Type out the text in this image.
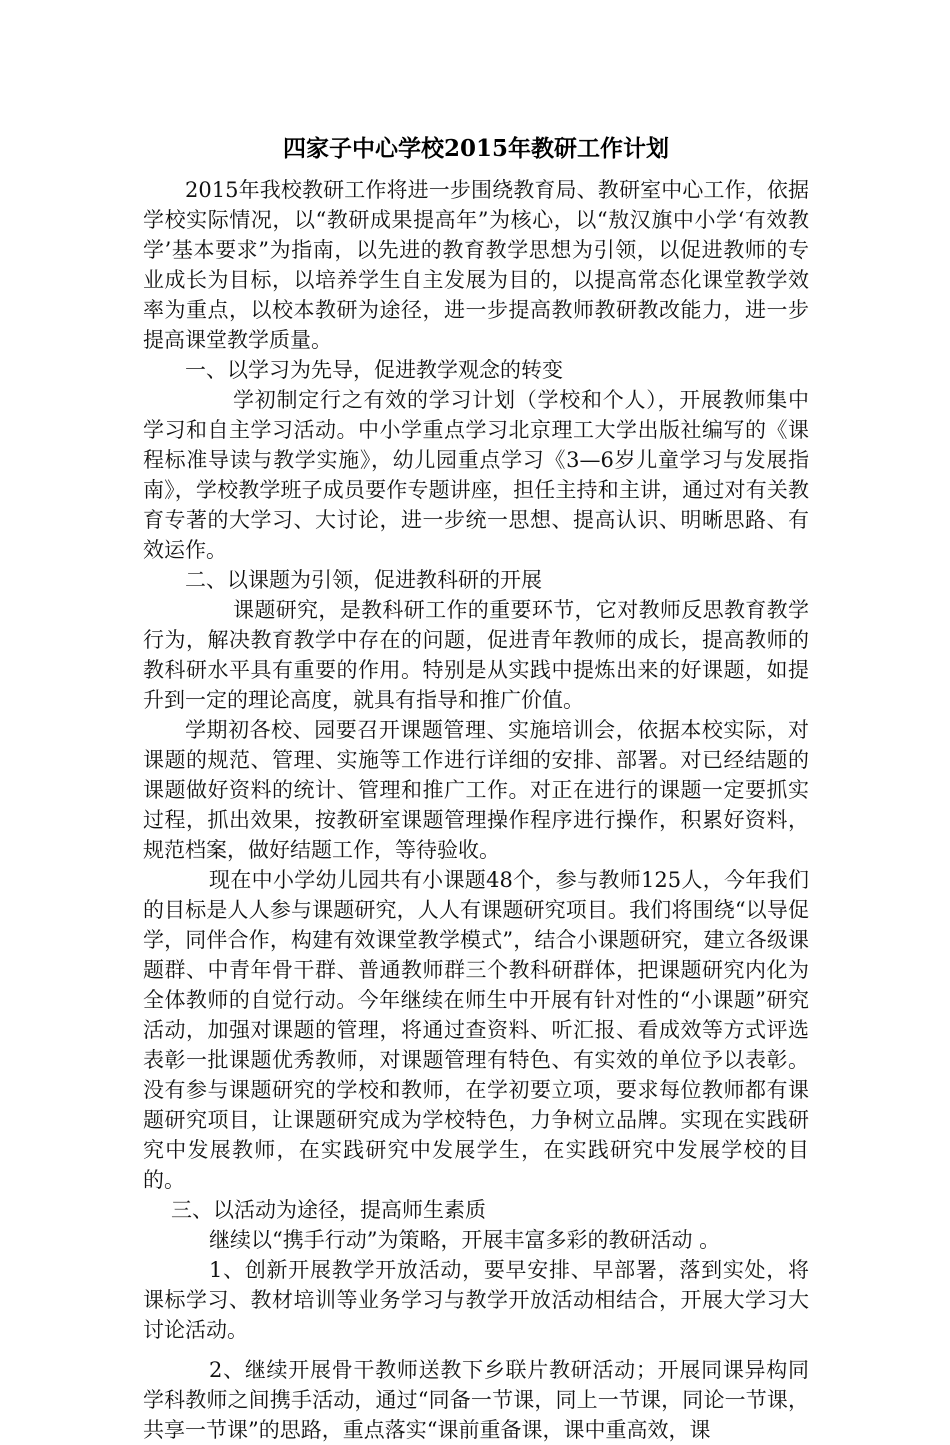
四家子中心学校2015年教研工作计划

2015年我校教研工作将进一步围绕教育局、教研室中心工作，依据学校实际情况，以“教研成果提高年”为核心，以“敖汉旗中小学‘有效教学’基本要求”为指南，以先进的教育教学思想为引领，以促进教师的专业成长为目标，以培养学生自主发展为目的，以提高常态化课堂教学效率为重点，以校本教研为途径，进一步提高教师教研教改能力，进一步提高课堂教学质量。

一、以学习为先导，促进教学观念的转变

学初制定行之有效的学习计划（学校和个人），开展教师集中学习和自主学习活动。中小学重点学习北京理工大学出版社编写的《课程标准导读与教学实施》，幼儿园重点学习《3—6岁儿童学习与发展指南》，学校教学班子成员要作专题讲座，担任主持和主讲，通过对有关教育专著的大学习、大讨论，进一步统一思想、提高认识、明晰思路、有效运作。

二、以课题为引领，促进教科研的开展

课题研究，是教科研工作的重要环节，它对教师反思教育教学行为，解决教育教学中存在的问题，促进青年教师的成长，提高教师的教科研水平具有重要的作用。特别是从实践中提炼出来的好课题，如提升到一定的理论高度，就具有指导和推广价值。

学期初各校、园要召开课题管理、实施培训会，依据本校实际，对课题的规范、管理、实施等工作进行详细的安排、部署。对已经结题的课题做好资料的统计、管理和推广工作。对正在进行的课题一定要抓实过程，抓出效果，按教研室课题管理操作程序进行操作，积累好资料，规范档案，做好结题工作，等待验收。

现在中小学幼儿园共有小课题48个，参与教师125人，今年我们的目标是人人参与课题研究，人人有课题研究项目。我们将围绕“以导促学，同伴合作，构建有效课堂教学模式”，结合小课题研究，建立各级课题群、中青年骨干群、普通教师群三个教科研群体，把课题研究内化为全体教师的自觉行动。今年继续在师生中开展有针对性的“小课题”研究活动，加强对课题的管理，将通过查资料、听汇报、看成效等方式评选表彰一批课题优秀教师，对课题管理有特色、有实效的单位予以表彰。没有参与课题研究的学校和教师，在学初要立项，要求每位教师都有课题研究项目，让课题研究成为学校特色，力争树立品牌。实现在实践研究中发展教师，在实践研究中发展学生，在实践研究中发展学校的目的。

三、以活动为途径，提高师生素质

继续以“携手行动”为策略，开展丰富多彩的教研活动 。

1、创新开展教学开放活动，要早安排、早部署，落到实处，将课标学习、教材培训等业务学习与教学开放活动相结合，开展大学习大讨论活动。

2、继续开展骨干教师送教下乡联片教研活动；开展同课异构同学科教师之间携手活动，通过“同备一节课，同上一节课，同论一节课，共享一节课”的思路，重点落实“课前重备课，课中重高效，课
